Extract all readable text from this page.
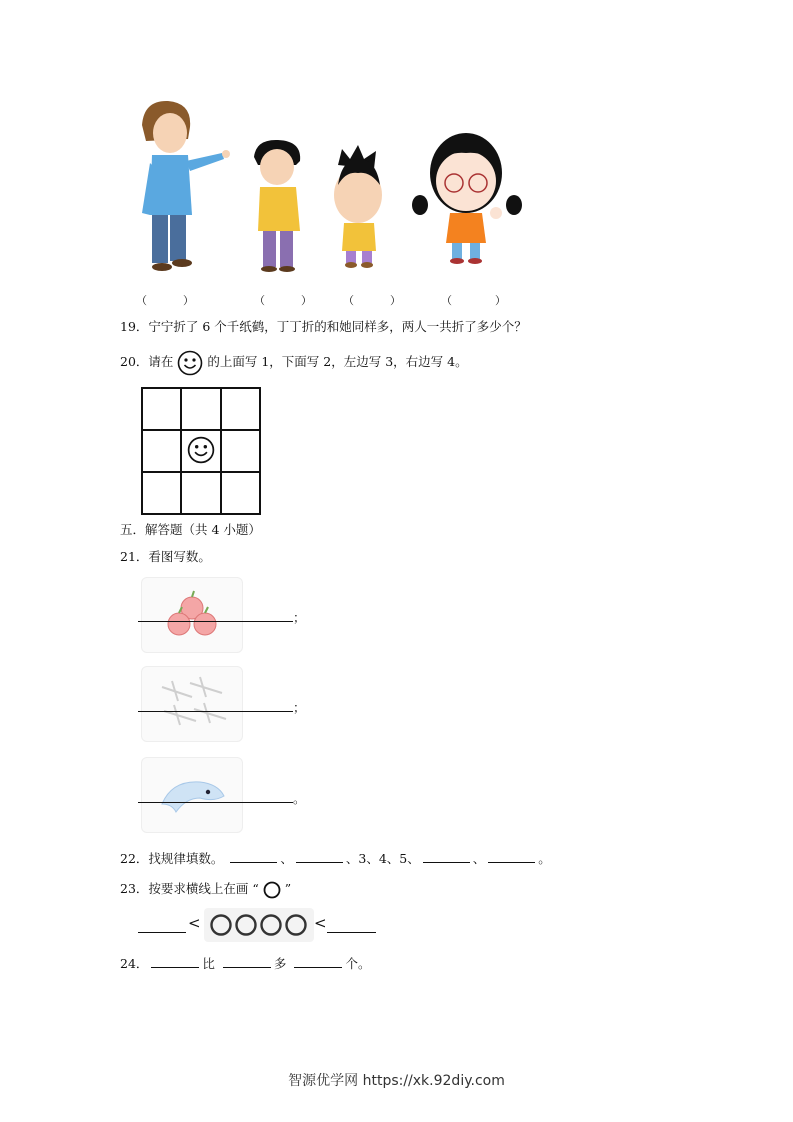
（	）	（	）	（	）	（	）
19．宁宁折了 6 个千纸鹤，丁丁折的和她同样多，两人一共折了多少个？
20．请在	的上面写 1，下面写 2，左边写 3，右边写 4。

五．解答题（共 4 小题）
21．看图写数。
；
；
。
22．找规律填数。	、	、3、4、5、	、	。
23．按要求横线上在画 “ ”
<	<
24．	比	多	个。
智源优学网 https://xk.92diy.com
